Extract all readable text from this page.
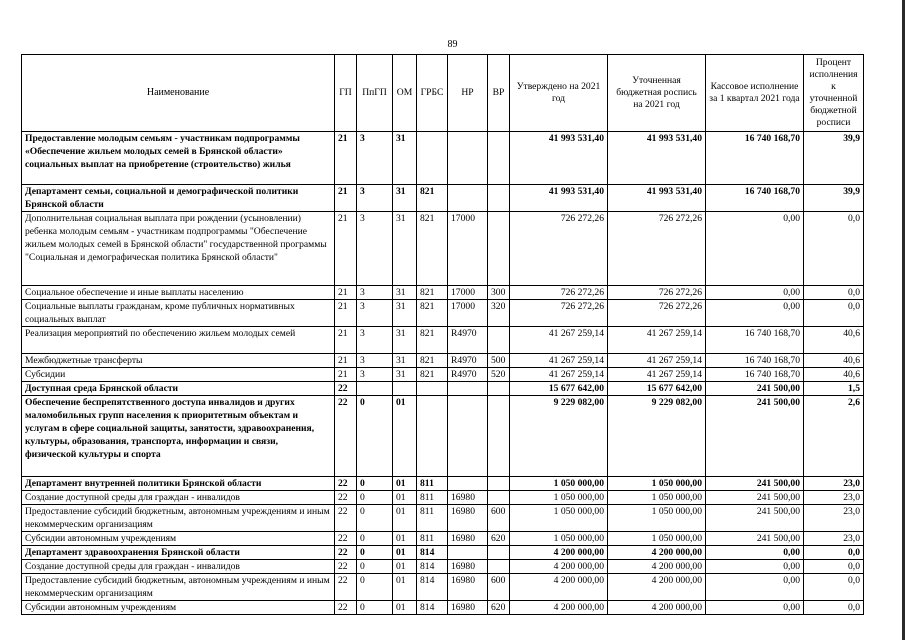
89
Наименование	ГП	ПпГП	ОМ	ГРБС	НР	ВР	Утверждено на 2021 год	Уточненная бюджетная роспись на 2021 год	Кассовое исполнение за 1 квартал 2021 года	Процент исполнения к уточненной бюджетной росписи
Предоставление молодым семьям - участникам подпрограммы «Обеспечение жильем молодых семей в Брянской области» социальных выплат на приобретение (строительство) жилья	21	3	31				41 993 531,40	41 993 531,40	16 740 168,70	39,9
Департамент семьи, социальной и демографической политики Брянской области	21	3	31	821			41 993 531,40	41 993 531,40	16 740 168,70	39,9
Дополнительная социальная выплата при рождении (усыновлении) ребенка молодым семьям - участникам подпрограммы "Обеспечение жильем молодых семей в Брянской области" государственной программы "Социальная и демографическая политика Брянской области"	21	3	31	821	17000		726 272,26	726 272,26	0,00	0,0
Социальное обеспечение и иные выплаты населению	21	3	31	821	17000	300	726 272,26	726 272,26	0,00	0,0
Социальные выплаты гражданам, кроме публичных нормативных социальных выплат	21	3	31	821	17000	320	726 272,26	726 272,26	0,00	0,0
Реализация мероприятий по обеспечению жильем молодых семей	21	3	31	821	R4970		41 267 259,14	41 267 259,14	16 740 168,70	40,6
Межбюджетные трансферты	21	3	31	821	R4970	500	41 267 259,14	41 267 259,14	16 740 168,70	40,6
Субсидии	21	3	31	821	R4970	520	41 267 259,14	41 267 259,14	16 740 168,70	40,6
Доступная среда Брянской области	22						15 677 642,00	15 677 642,00	241 500,00	1,5
Обеспечение беспрепятственного доступа инвалидов и других маломобильных групп населения к приоритетным объектам и услугам в сфере социальной защиты, занятости, здравоохранения, культуры, образования, транспорта, информации и связи, физической культуры и спорта	22	0	01				9 229 082,00	9 229 082,00	241 500,00	2,6
Департамент внутренней политики Брянской области	22	0	01	811			1 050 000,00	1 050 000,00	241 500,00	23,0
Создание доступной среды для граждан - инвалидов	22	0	01	811	16980		1 050 000,00	1 050 000,00	241 500,00	23,0
Предоставление субсидий бюджетным, автономным учреждениям и иным некоммерческим организациям	22	0	01	811	16980	600	1 050 000,00	1 050 000,00	241 500,00	23,0
Субсидии автономным учреждениям	22	0	01	811	16980	620	1 050 000,00	1 050 000,00	241 500,00	23,0
Департамент здравоохранения Брянской области	22	0	01	814			4 200 000,00	4 200 000,00	0,00	0,0
Создание доступной среды для граждан - инвалидов	22	0	01	814	16980		4 200 000,00	4 200 000,00	0,00	0,0
Предоставление субсидий бюджетным, автономным учреждениям и иным некоммерческим организациям	22	0	01	814	16980	600	4 200 000,00	4 200 000,00	0,00	0,0
Субсидии автономным учреждениям	22	0	01	814	16980	620	4 200 000,00	4 200 000,00	0,00	0,0
